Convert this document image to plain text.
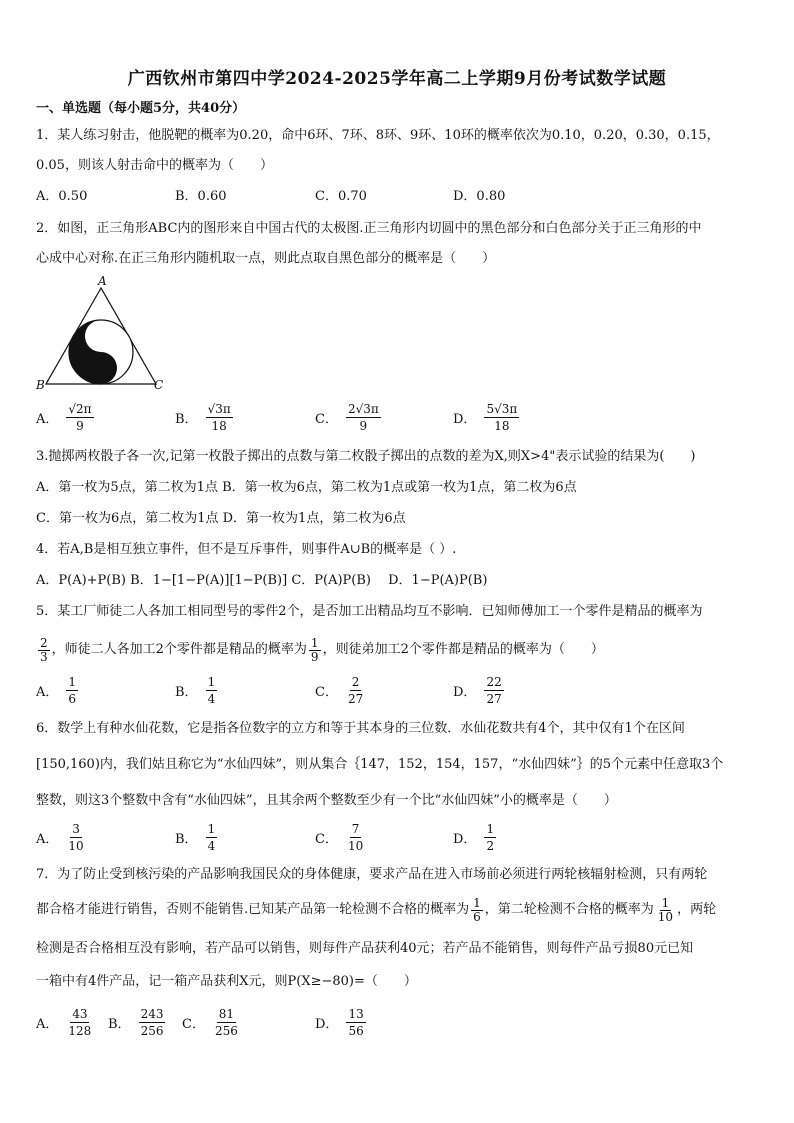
广西钦州市第四中学2024-2025学年高二上学期9月份考试数学试题
一、单选题（每小题5分，共40分）
1．某人练习射击，他脱靶的概率为0.20，命中6环、7环、8环、9环、10环的概率依次为0.10，0.20，0.30，0.15，
0.05，则该人射击命中的概率为（　　）
A．0.50	B．0.60	C．0.70	D．0.80
2．如图，正三角形ABC内的图形来自中国古代的太极图.正三角形内切圆中的黑色部分和白色部分关于正三角形的中
心成中心对称.在正三角形内随机取一点，则此点取自黑色部分的概率是（　　）
A
B	C
A． $\frac{√2\pi}{9}$	B． $\frac{√3\pi}{18}$	C． $\frac{2√3\pi}{9}$	D． $\frac{5√3\pi}{18}$
3.抛掷两枚骰子各一次,记第一枚骰子掷出的点数与第二枚骰子掷出的点数的差为X,则X>4"表示试验的结果为(　　)
A．第一枚为5点，第二枚为1点 B．第一枚为6点，第二枚为1点或第一枚为1点，第二枚为6点
C．第一枚为6点，第二枚为1点 D．第一枚为1点，第二枚为6点
4．若A,B是相互独立事件，但不是互斥事件，则事件A∪B的概率是（ ）.
A．P(A)+P(B) B．1−[1−P(A)][1−P(B)] C．P(A)P(B)　 D．1−P(A)P(B)
5．某工厂师徒二人各加工相同型号的零件2个，是否加工出精品均互不影响．已知师傅加工一个零件是精品的概率为
$\frac{2}{3}$ ，师徒二人各加工2个零件都是精品的概率为 $\frac{1}{9}$ ，则徒弟加工2个零件都是精品的概率为（　　）
A． $\frac{1}{6}$	B． $\frac{1}{4}$	C． $\frac{2}{27}$	D． $\frac{22}{27}$
6．数学上有种水仙花数，它是指各位数字的立方和等于其本身的三位数．水仙花数共有4个，其中仅有1个在区间
[150,160)内，我们姑且称它为“水仙四妹”，则从集合｛147，152，154，157，“水仙四妹”｝的5个元素中任意取3个
整数，则这3个整数中含有“水仙四妹”，且其余两个整数至少有一个比“水仙四妹”小的概率是（　　）
A． $\frac{3}{10}$	B． $\frac{1}{4}$	C． $\frac{7}{10}$	D． $\frac{1}{2}$
7．为了防止受到核污染的产品影响我国民众的身体健康，要求产品在进入市场前必须进行两轮核辐射检测，只有两轮
都合格才能进行销售，否则不能销售.已知某产品第一轮检测不合格的概率为 $\frac{1}{6}$ ，第二轮检测不合格的概率为 $\frac{1}{10}$ ，两轮
检测是否合格相互没有影响，若产品可以销售，则每件产品获利40元；若产品不能销售，则每件产品亏损80元已知
一箱中有4件产品，记一箱产品获利X元，则P(X≥−80)=（　　）
A． $\frac{43}{128}$ B． $\frac{243}{256}$ C． $\frac{81}{256}$	D． $\frac{13}{56}$
